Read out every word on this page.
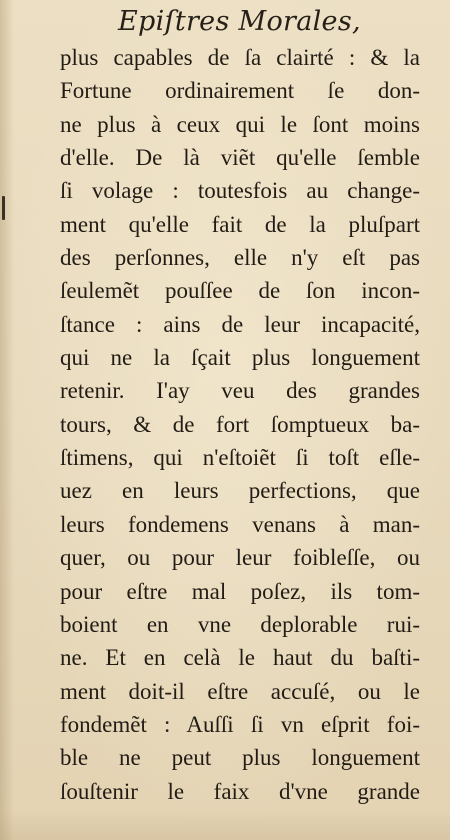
Epiſtres Morales,
plus capables de ſa clairté : & la
Fortune ordinairement ſe don-
ne plus à ceux qui le ſont moins
d'elle. De là viẽt qu'elle ſemble
ſi volage : toutesfois au change-
ment qu'elle fait de la pluſpart
des perſonnes, elle n'y eſt pas
ſeulemẽt pouſſee de ſon incon-
ſtance : ains de leur incapacité,
qui ne la ſçait plus longuement
retenir. I'ay veu des grandes
tours, & de fort ſomptueux ba-
ſtimens, qui n'eſtoiẽt ſi toſt eſle-
uez en leurs perfections, que
leurs fondemens venans à man-
quer, ou pour leur foibleſſe, ou
pour eſtre mal poſez, ils tom-
boient en vne deplorable rui-
ne. Et en celà le haut du baſti-
ment doit-il eſtre accuſé, ou le
fondemẽt : Auſſi ſi vn eſprit foi-
ble ne peut plus longuement
ſouſtenir le faix d'vne grande
